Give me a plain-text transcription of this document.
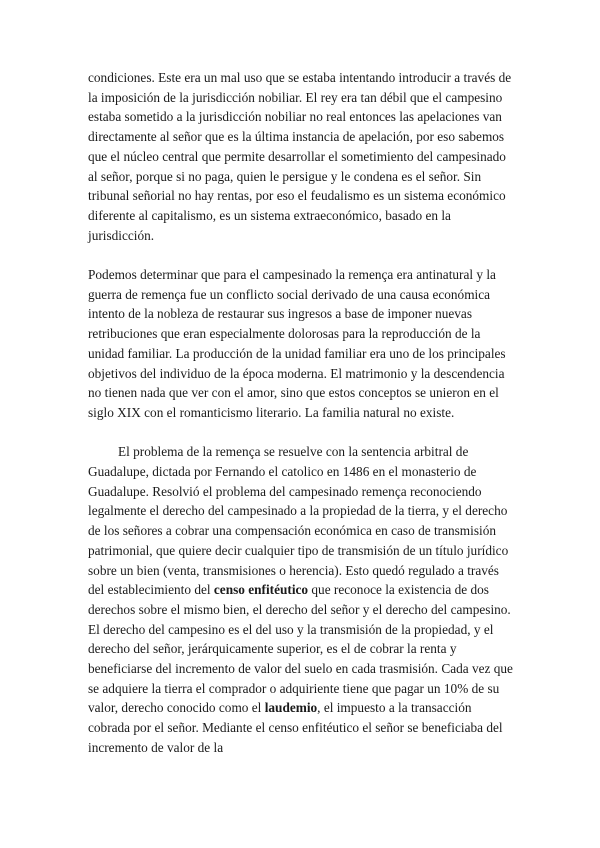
condiciones. Este era un mal uso que se estaba intentando introducir a través de la imposición de la jurisdicción nobiliar. El rey era tan débil que el campesino estaba sometido a la jurisdicción nobiliar no real entonces las apelaciones van directamente al señor que es la última instancia de apelación, por eso sabemos que el núcleo central que permite desarrollar el sometimiento del campesinado al señor, porque si no paga, quien le persigue y le condena es el señor. Sin tribunal señorial no hay rentas, por eso el feudalismo es un sistema económico diferente al capitalismo, es un sistema extraeconómico, basado en la jurisdicción.

Podemos determinar que para el campesinado la remença era antinatural y la guerra de remença fue un conflicto social derivado de una causa económica intento de la nobleza de restaurar sus ingresos a base de imponer nuevas retribuciones que eran especialmente dolorosas para la reproducción de la unidad familiar. La producción de la unidad familiar era uno de los principales objetivos del individuo de la época moderna. El matrimonio y la descendencia no tienen nada que ver con el amor, sino que estos conceptos se unieron en el siglo XIX con el romanticismo literario. La familia natural no existe.

El problema de la remença se resuelve con la sentencia arbitral de Guadalupe, dictada por Fernando el catolico en 1486 en el monasterio de Guadalupe. Resolvió el problema del campesinado remença reconociendo legalmente el derecho del campesinado a la propiedad de la tierra, y el derecho de los señores a cobrar una compensación económica en caso de transmisión patrimonial, que quiere decir cualquier tipo de transmisión de un título jurídico sobre un bien (venta, transmisiones o herencia). Esto quedó regulado a través del establecimiento del censo enfitéutico que reconoce la existencia de dos derechos sobre el mismo bien, el derecho del señor y el derecho del campesino. El derecho del campesino es el del uso y la transmisión de la propiedad, y el derecho del señor, jerárquicamente superior, es el de cobrar la renta y beneficiarse del incremento de valor del suelo en cada trasmisión. Cada vez que se adquiere la tierra el comprador o adquiriente tiene que pagar un 10% de su valor, derecho conocido como el laudemio, el impuesto a la transacción cobrada por el señor. Mediante el censo enfitéutico el señor se beneficiaba del incremento de valor de la
